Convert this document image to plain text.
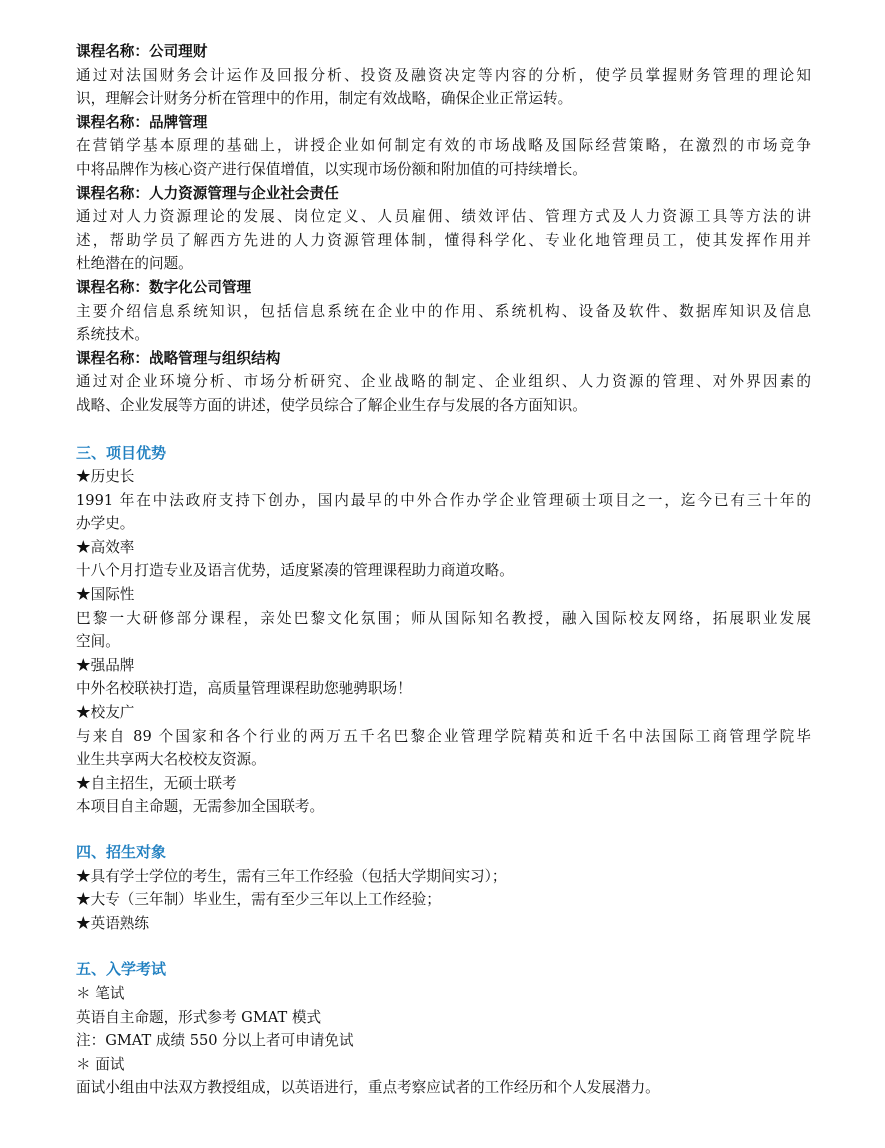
课程名称：公司理财
通过对法国财务会计运作及回报分析、投资及融资决定等内容的分析，使学员掌握财务管理的理论知
识，理解会计财务分析在管理中的作用，制定有效战略，确保企业正常运转。
课程名称：品牌管理
在营销学基本原理的基础上，讲授企业如何制定有效的市场战略及国际经营策略，在激烈的市场竞争
中将品牌作为核心资产进行保值增值，以实现市场份额和附加值的可持续增长。
课程名称：人力资源管理与企业社会责任
通过对人力资源理论的发展、岗位定义、人员雇佣、绩效评估、管理方式及人力资源工具等方法的讲
述，帮助学员了解西方先进的人力资源管理体制，懂得科学化、专业化地管理员工，使其发挥作用并
杜绝潜在的问题。
课程名称：数字化公司管理
主要介绍信息系统知识，包括信息系统在企业中的作用、系统机构、设备及软件、数据库知识及信息
系统技术。
课程名称：战略管理与组织结构
通过对企业环境分析、市场分析研究、企业战略的制定、企业组织、人力资源的管理、对外界因素的
战略、企业发展等方面的讲述，使学员综合了解企业生存与发展的各方面知识。
三、项目优势
★历史长
1991 年在中法政府支持下创办，国内最早的中外合作办学企业管理硕士项目之一，迄今已有三十年的
办学史。
★高效率
十八个月打造专业及语言优势，适度紧凑的管理课程助力商道攻略。
★国际性
巴黎一大研修部分课程，亲处巴黎文化氛围；师从国际知名教授，融入国际校友网络，拓展职业发展
空间。
★强品牌
中外名校联袂打造，高质量管理课程助您驰骋职场！
★校友广
与来自 89 个国家和各个行业的两万五千名巴黎企业管理学院精英和近千名中法国际工商管理学院毕
业生共享两大名校校友资源。
★自主招生，无硕士联考
本项目自主命题，无需参加全国联考。
四、招生对象
★具有学士学位的考生，需有三年工作经验（包括大学期间实习）；
★大专（三年制）毕业生，需有至少三年以上工作经验；
★英语熟练
五、入学考试
＊ 笔试
英语自主命题，形式参考 GMAT 模式
注：GMAT 成绩 550 分以上者可申请免试
＊ 面试
面试小组由中法双方教授组成，以英语进行，重点考察应试者的工作经历和个人发展潜力。
